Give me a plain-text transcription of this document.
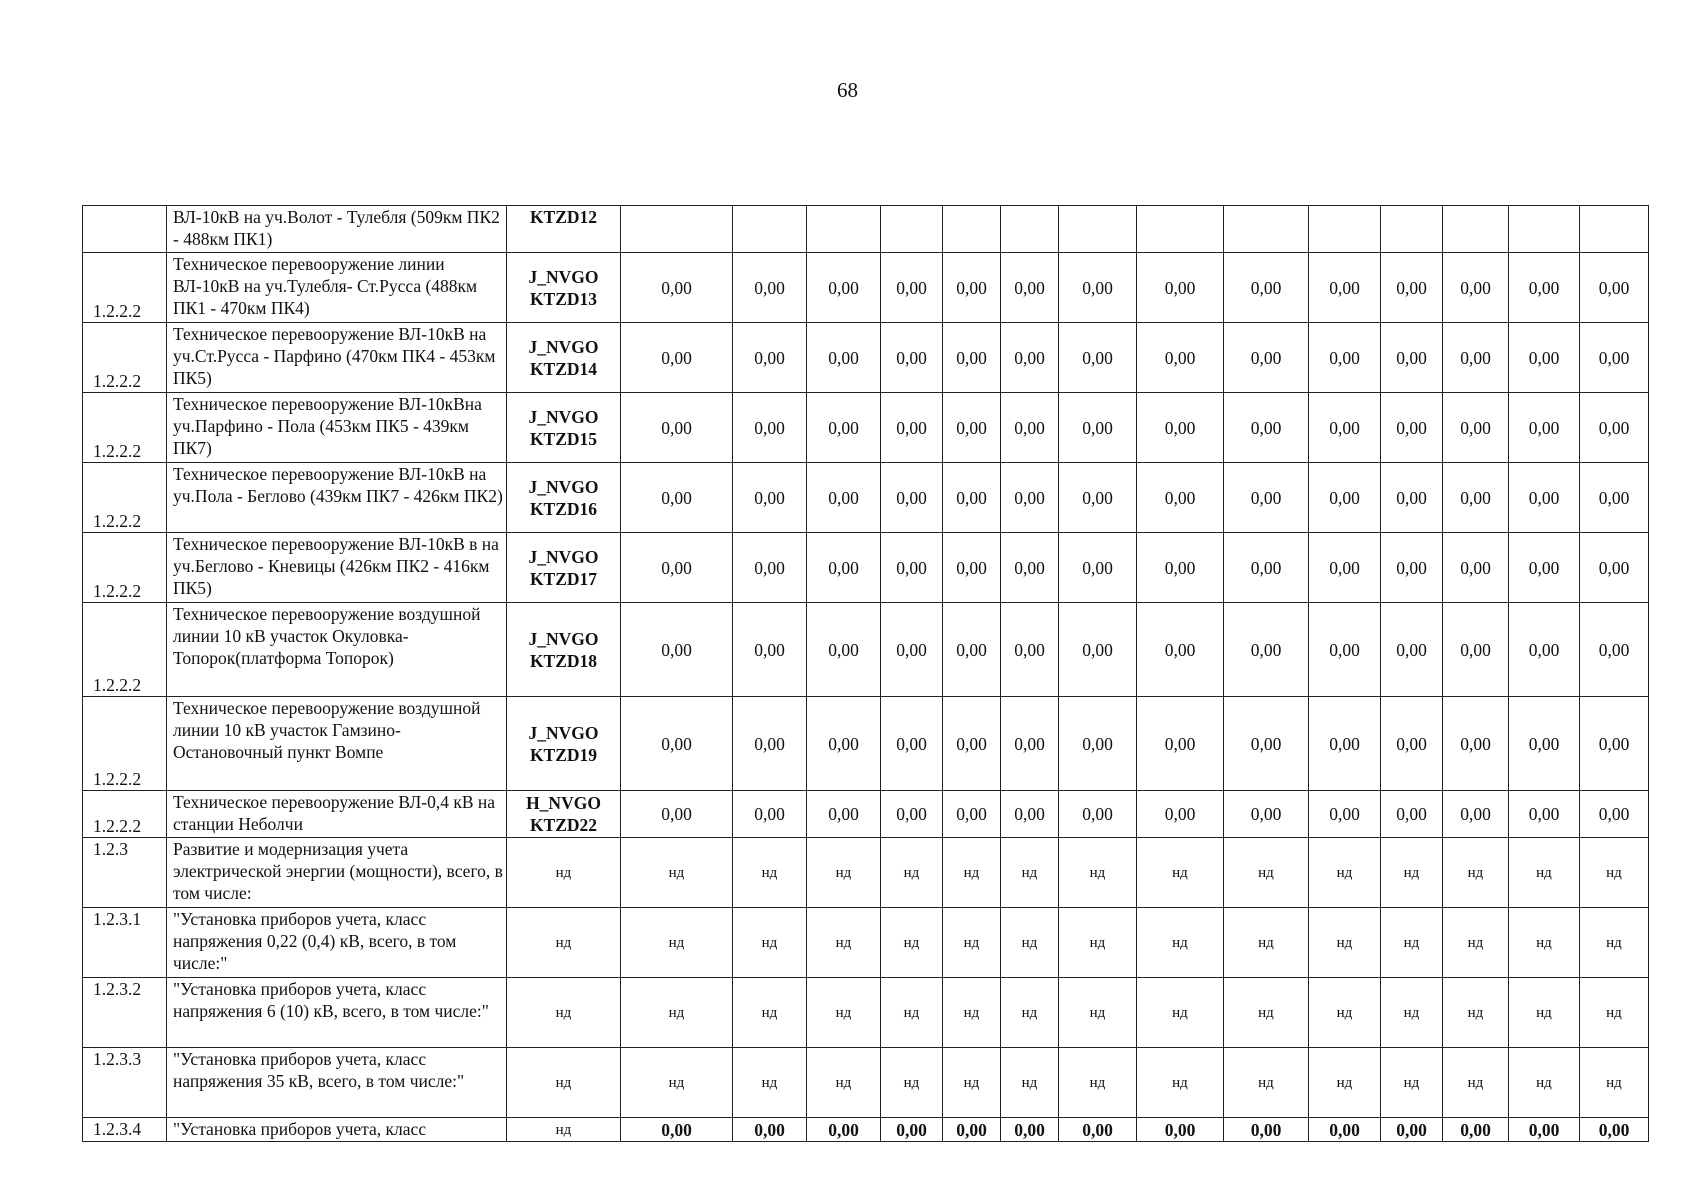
68
	ВЛ-10кВ на уч.Волот - Тулебля (509км ПК2 - 488км ПК1)	KTZD12														
1.2.2.2	Техническое перевооружение линии ВЛ-10кВ на уч.Тулебля- Ст.Русса (488км ПК1 - 470км ПК4)	J_NVGO KTZD13	0,00	0,00	0,00	0,00	0,00	0,00	0,00	0,00	0,00	0,00	0,00	0,00	0,00	0,00
1.2.2.2	Техническое перевооружение ВЛ-10кВ на уч.Ст.Русса - Парфино (470км ПК4 - 453км ПК5)	J_NVGO KTZD14	0,00	0,00	0,00	0,00	0,00	0,00	0,00	0,00	0,00	0,00	0,00	0,00	0,00	0,00
1.2.2.2	Техническое перевооружение ВЛ-10кВна уч.Парфино - Пола (453км ПК5 - 439км ПК7)	J_NVGO KTZD15	0,00	0,00	0,00	0,00	0,00	0,00	0,00	0,00	0,00	0,00	0,00	0,00	0,00	0,00
1.2.2.2	Техническое перевооружение ВЛ-10кВ на уч.Пола - Беглово (439км ПК7 - 426км ПК2)	J_NVGO KTZD16	0,00	0,00	0,00	0,00	0,00	0,00	0,00	0,00	0,00	0,00	0,00	0,00	0,00	0,00
1.2.2.2	Техническое перевооружение ВЛ-10кВ в на уч.Беглово - Кневицы (426км ПК2 - 416км ПК5)	J_NVGO KTZD17	0,00	0,00	0,00	0,00	0,00	0,00	0,00	0,00	0,00	0,00	0,00	0,00	0,00	0,00
1.2.2.2	Техническое перевооружение воздушной линии 10 кВ участок Окуловка-Топорок(платформа Топорок)	J_NVGO KTZD18	0,00	0,00	0,00	0,00	0,00	0,00	0,00	0,00	0,00	0,00	0,00	0,00	0,00	0,00
1.2.2.2	Техническое перевооружение воздушной линии 10 кВ участок Гамзино-Остановочный пункт Вомпе	J_NVGO KTZD19	0,00	0,00	0,00	0,00	0,00	0,00	0,00	0,00	0,00	0,00	0,00	0,00	0,00	0,00
1.2.2.2	Техническое перевооружение ВЛ-0,4 кВ на станции Неболчи	H_NVGO KTZD22	0,00	0,00	0,00	0,00	0,00	0,00	0,00	0,00	0,00	0,00	0,00	0,00	0,00	0,00
1.2.3	Развитие и модернизация учета электрической энергии (мощности), всего, в том числе:	нд	нд	нд	нд	нд	нд	нд	нд	нд	нд	нд	нд	нд	нд	нд
1.2.3.1	"Установка приборов учета, класс напряжения 0,22 (0,4) кВ, всего, в том числе:"	нд	нд	нд	нд	нд	нд	нд	нд	нд	нд	нд	нд	нд	нд	нд
1.2.3.2	"Установка приборов учета, класс напряжения 6 (10) кВ, всего, в том числе:"	нд	нд	нд	нд	нд	нд	нд	нд	нд	нд	нд	нд	нд	нд	нд
1.2.3.3	"Установка приборов учета, класс напряжения 35 кВ, всего, в том числе:"	нд	нд	нд	нд	нд	нд	нд	нд	нд	нд	нд	нд	нд	нд	нд
1.2.3.4	"Установка приборов учета, класс	нд	0,00	0,00	0,00	0,00	0,00	0,00	0,00	0,00	0,00	0,00	0,00	0,00	0,00	0,00
